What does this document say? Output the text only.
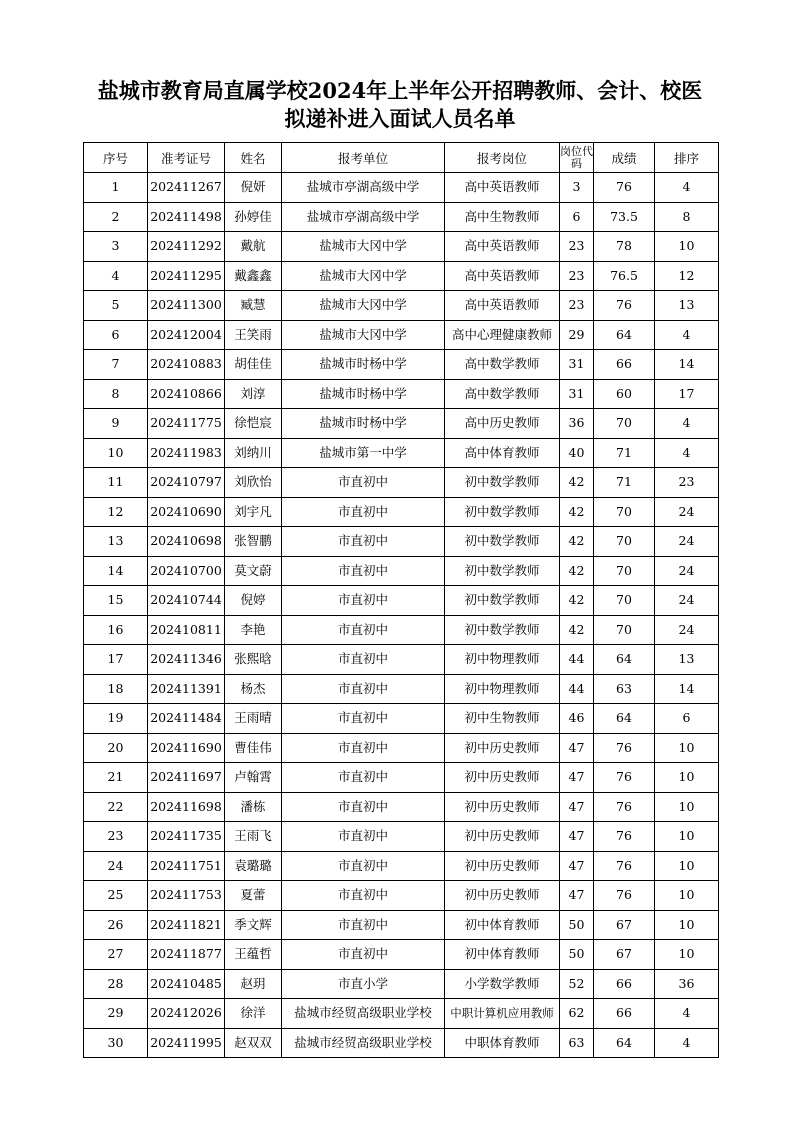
盐城市教育局直属学校2024年上半年公开招聘教师、会计、校医
拟递补进入面试人员名单
序号	准考证号	姓名	报考单位	报考岗位	岗位代码	成绩	排序
1	202411267	倪妍	盐城市亭湖高级中学	高中英语教师	3	76	4
2	202411498	孙婷佳	盐城市亭湖高级中学	高中生物教师	6	73.5	8
3	202411292	戴航	盐城市大冈中学	高中英语教师	23	78	10
4	202411295	戴鑫鑫	盐城市大冈中学	高中英语教师	23	76.5	12
5	202411300	臧慧	盐城市大冈中学	高中英语教师	23	76	13
6	202412004	王笑雨	盐城市大冈中学	高中心理健康教师	29	64	4
7	202410883	胡佳佳	盐城市时杨中学	高中数学教师	31	66	14
8	202410866	刘淳	盐城市时杨中学	高中数学教师	31	60	17
9	202411775	徐恺宸	盐城市时杨中学	高中历史教师	36	70	4
10	202411983	刘纳川	盐城市第一中学	高中体育教师	40	71	4
11	202410797	刘欣怡	市直初中	初中数学教师	42	71	23
12	202410690	刘宇凡	市直初中	初中数学教师	42	70	24
13	202410698	张智鹏	市直初中	初中数学教师	42	70	24
14	202410700	莫文蔚	市直初中	初中数学教师	42	70	24
15	202410744	倪婷	市直初中	初中数学教师	42	70	24
16	202410811	李艳	市直初中	初中数学教师	42	70	24
17	202411346	张熙晗	市直初中	初中物理教师	44	64	13
18	202411391	杨杰	市直初中	初中物理教师	44	63	14
19	202411484	王雨晴	市直初中	初中生物教师	46	64	6
20	202411690	曹佳伟	市直初中	初中历史教师	47	76	10
21	202411697	卢翰霄	市直初中	初中历史教师	47	76	10
22	202411698	潘栋	市直初中	初中历史教师	47	76	10
23	202411735	王雨飞	市直初中	初中历史教师	47	76	10
24	202411751	袁璐璐	市直初中	初中历史教师	47	76	10
25	202411753	夏蕾	市直初中	初中历史教师	47	76	10
26	202411821	季文辉	市直初中	初中体育教师	50	67	10
27	202411877	王蕴哲	市直初中	初中体育教师	50	67	10
28	202410485	赵玥	市直小学	小学数学教师	52	66	36
29	202412026	徐洋	盐城市经贸高级职业学校	中职计算机应用教师	62	66	4
30	202411995	赵双双	盐城市经贸高级职业学校	中职体育教师	63	64	4
